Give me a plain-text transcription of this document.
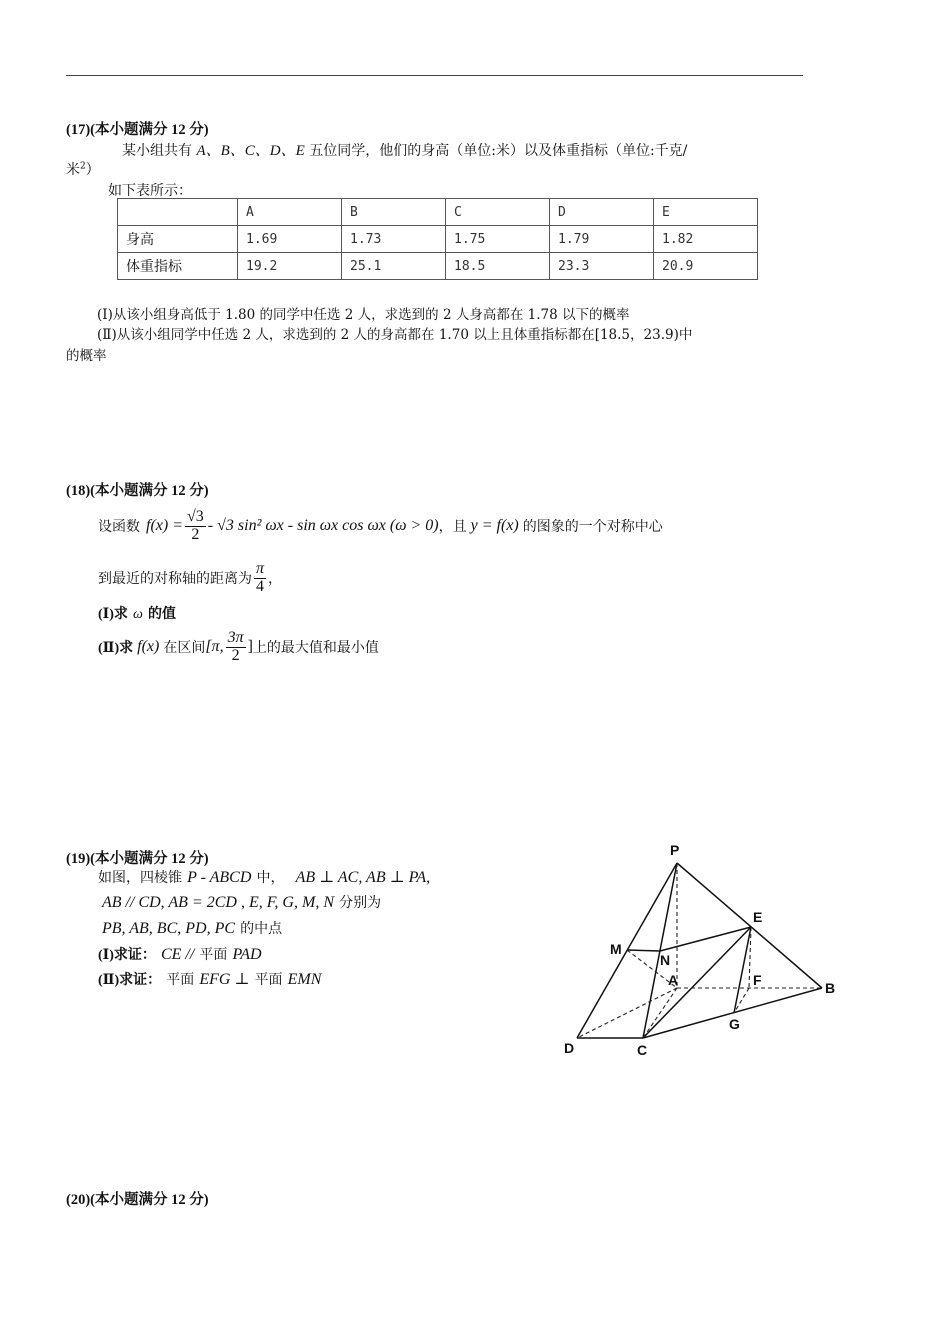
(17)(本小题满分 12 分)
某小组共有 A、B、C、D、E 五位同学，他们的身高（单位:米）以及体重指标（单位:千克/
米$^2$）
如下表所示：
	A	B	C	D	E
身高	1.69	1.73	1.75	1.79	1.82
体重指标	19.2	25.1	18.5	23.3	20.9
(Ⅰ)从该小组身高低于 1.80 的同学中任选 2 人，求选到的 2 人身高都在 1.78 以下的概率
(Ⅱ)从该小组同学中任选 2 人，求选到的 2 人的身高都在 1.70 以上且体重指标都在[18.5，23.9)中
的概率
(18)(本小题满分 12 分)
设函数 $f(x) = \frac{√3}{2} - √3$ sin² ωx - sin ωx cos ωx (ω > 0) ，且 y = f(x) 的图象的一个对称中心
到最近的对称轴的距离为 $\frac{\pi}{4}$ ，
(Ⅰ)求 ω 的值
(Ⅱ)求 f(x) 在区间 [π, $\frac{3\pi}{2}$ ] 上的最大值和最小值
(19)(本小题满分 12 分)
如图，四棱锥 P - ABCD 中， AB ⊥ AC, AB ⊥ PA,
AB // CD, AB = 2CD , E, F, G, M, N 分别为
PB, AB, BC, PD, PC 的中点
(Ⅰ)求证： CE // 平面 PAD
(Ⅱ)求证： 平面 EFG ⊥ 平面 EMN
P
E
M
N
A	F	B
G
D	C
(20)(本小题满分 12 分)
